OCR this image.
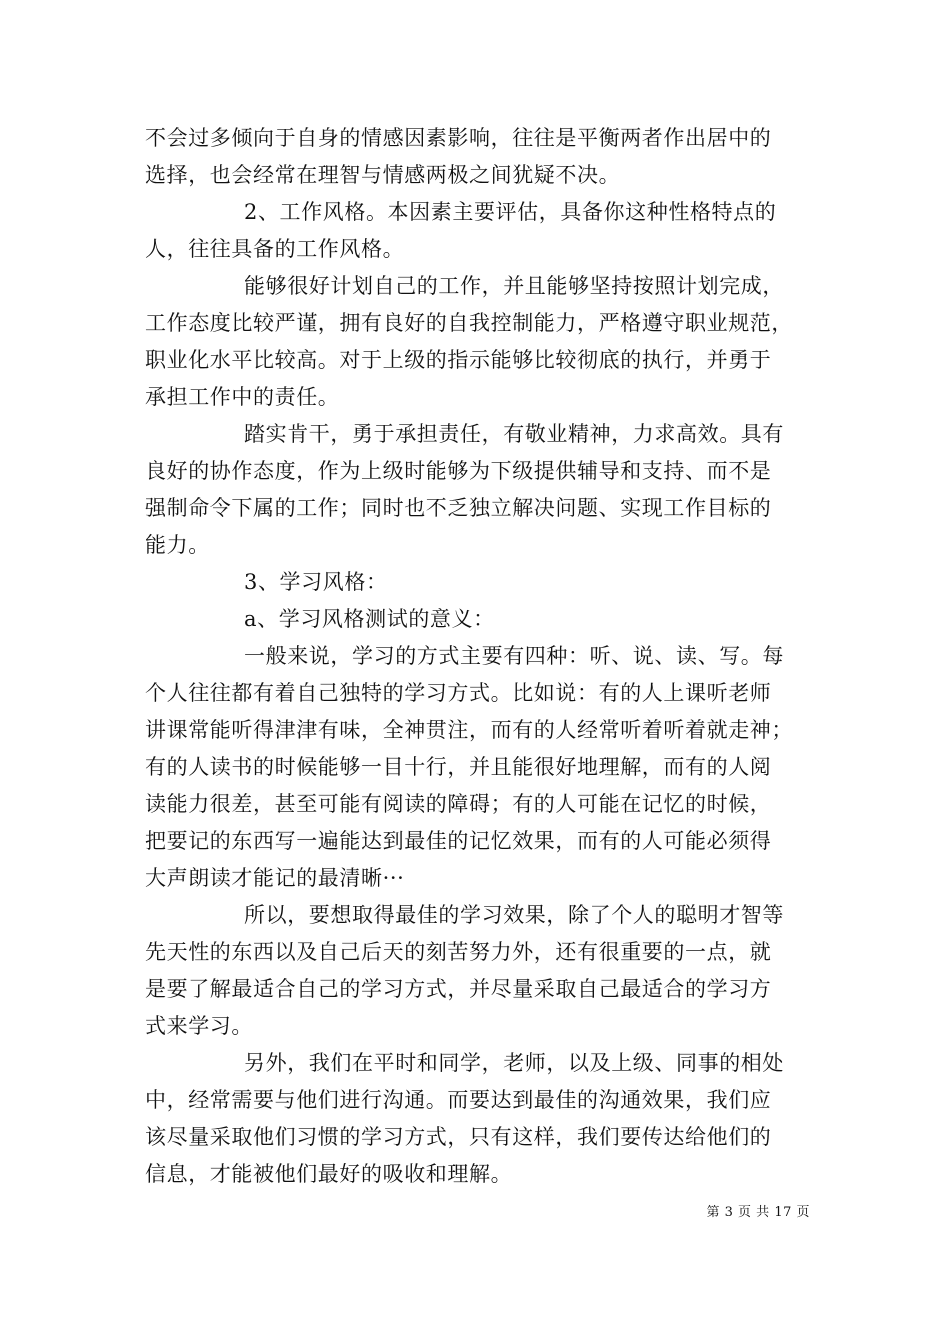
不会过多倾向于自身的情感因素影响，往往是平衡两者作出居中的
选择，也会经常在理智与情感两极之间犹疑不决。
2、工作风格。本因素主要评估，具备你这种性格特点的
人，往往具备的工作风格。
能够很好计划自己的工作，并且能够坚持按照计划完成，
工作态度比较严谨，拥有良好的自我控制能力，严格遵守职业规范，
职业化水平比较高。对于上级的指示能够比较彻底的执行，并勇于
承担工作中的责任。
踏实肯干，勇于承担责任，有敬业精神，力求高效。具有
良好的协作态度，作为上级时能够为下级提供辅导和支持、而不是
强制命令下属的工作；同时也不乏独立解决问题、实现工作目标的
能力。
3、学习风格：
a、学习风格测试的意义：
一般来说，学习的方式主要有四种：听、说、读、写。每
个人往往都有着自己独特的学习方式。比如说：有的人上课听老师
讲课常能听得津津有味，全神贯注，而有的人经常听着听着就走神；
有的人读书的时候能够一目十行，并且能很好地理解，而有的人阅
读能力很差，甚至可能有阅读的障碍；有的人可能在记忆的时候，
把要记的东西写一遍能达到最佳的记忆效果，而有的人可能必须得
大声朗读才能记的最清晰···
所以，要想取得最佳的学习效果，除了个人的聪明才智等
先天性的东西以及自己后天的刻苦努力外，还有很重要的一点，就
是要了解最适合自己的学习方式，并尽量采取自己最适合的学习方
式来学习。
另外，我们在平时和同学，老师，以及上级、同事的相处
中，经常需要与他们进行沟通。而要达到最佳的沟通效果，我们应
该尽量采取他们习惯的学习方式，只有这样，我们要传达给他们的
信息，才能被他们最好的吸收和理解。
第 3 页 共 17 页
